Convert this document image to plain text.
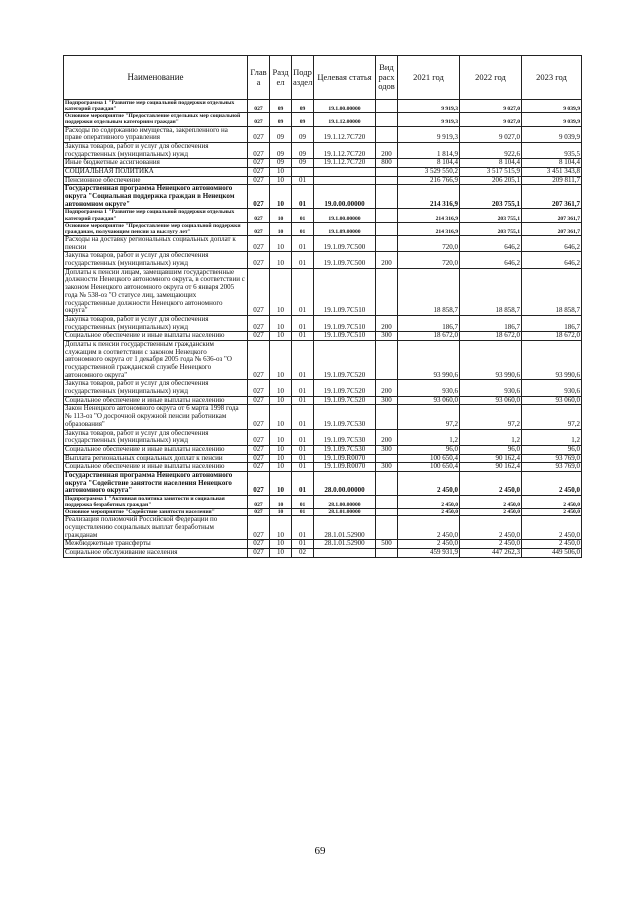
Наименование	Глав а	Разд ел	Подр аздел	Целевая статья	Вид расх одов	2021 год	2022 год	2023 год
Подпрограмма 1 "Развитие мер социальной поддержки отдельных категорий граждан"	027	09	09	19.1.00.00000		9 919,3	9 027,0	9 039,9
Основное мероприятие "Предоставление отдельных мер социальной поддержки отдельным категориям граждан"	027	09	09	19.1.12.00000		9 919,3	9 027,0	9 039,9
Расходы по содержанию имущества, закрепленного на праве оперативного управления	027	09	09	19.1.12.7С720		9 919,3	9 027,0	9 039,9
Закупка товаров, работ и услуг для обеспечения государственных (муниципальных) нужд	027	09	09	19.1.12.7С720	200	1 814,9	922,6	935,5
Иные бюджетные ассигнования	027	09	09	19.1.12.7С720	800	8 104,4	8 104,4	8 104,4
СОЦИАЛЬНАЯ ПОЛИТИКА	027	10				3 529 550,2	3 517 515,9	3 451 343,8
Пенсионное обеспечение	027	10	01			216 766,9	206 205,1	209 811,7
Государственная программа Ненецкого автономного округа "Социальная поддержка граждан в Ненецком автономном округе"	027	10	01	19.0.00.00000		214 316,9	203 755,1	207 361,7
Подпрограмма 1 "Развитие мер социальной поддержки отдельных категорий граждан"	027	10	01	19.1.00.00000		214 316,9	203 755,1	207 361,7
Основное мероприятие "Предоставление мер социальной поддержки гражданам, получающим пенсии за выслугу лет"	027	10	01	19.1.09.00000		214 316,9	203 755,1	207 361,7
Расходы на доставку региональных социальных доплат к пенсии	027	10	01	19.1.09.7С500		720,0	646,2	646,2
Закупка товаров, работ и услуг для обеспечения государственных (муниципальных) нужд	027	10	01	19.1.09.7С500	200	720,0	646,2	646,2
Доплаты к пенсии лицам, замещавшим государственные должности Ненецкого автономного округа, в соответствии с законом Ненецкого автономного округа от 6 января 2005 года № 538-оз "О статусе лиц, замещающих государственные должности Ненецкого автономного округа"	027	10	01	19.1.09.7С510		18 858,7	18 858,7	18 858,7
Закупка товаров, работ и услуг для обеспечения государственных (муниципальных) нужд	027	10	01	19.1.09.7С510	200	186,7	186,7	186,7
Социальное обеспечение и иные выплаты населению	027	10	01	19.1.09.7С510	300	18 672,0	18 672,0	18 672,0
Доплаты к пенсии государственным гражданским служащим в соответствии с законом Ненецкого автономного округа от 1 декабря 2005 года № 636-оз "О государственной гражданской службе Ненецкого автономного округа"	027	10	01	19.1.09.7С520		93 990,6	93 990,6	93 990,6
Закупка товаров, работ и услуг для обеспечения государственных (муниципальных) нужд	027	10	01	19.1.09.7С520	200	930,6	930,6	930,6
Социальное обеспечение и иные выплаты населению	027	10	01	19.1.09.7С520	300	93 060,0	93 060,0	93 060,0
Закон Ненецкого автономного округа от 6 марта 1998 года № 113-оз "О досрочной окружной пенсии работникам образования"	027	10	01	19.1.09.7С530		97,2	97,2	97,2
Закупка товаров, работ и услуг для обеспечения государственных (муниципальных) нужд	027	10	01	19.1.09.7С530	200	1,2	1,2	1,2
Социальное обеспечение и иные выплаты населению	027	10	01	19.1.09.7С530	300	96,0	96,0	96,0
Выплата региональных социальных доплат к пенсии	027	10	01	19.1.09.R0070		100 650,4	90 162,4	93 769,0
Социальное обеспечение и иные выплаты населению	027	10	01	19.1.09.R0070	300	100 650,4	90 162,4	93 769,0
Государственная программа Ненецкого автономного округа "Содействие занятости населения Ненецкого автономного округа"	027	10	01	28.0.00.00000		2 450,0	2 450,0	2 450,0
Подпрограмма 1 "Активная политика занятости и социальная поддержка безработных граждан"	027	10	01	28.1.00.00000		2 450,0	2 450,0	2 450,0
Основное мероприятие "Содействие занятости населения"	027	10	01	28.1.01.00000		2 450,0	2 450,0	2 450,0
Реализация полномочий Российской Федерации по осуществлению социальных выплат безработным гражданам	027	10	01	28.1.01.52900		2 450,0	2 450,0	2 450,0
Межбюджетные трансферты	027	10	01	28.1.01.52900	500	2 450,0	2 450,0	2 450,0
Социальное обслуживание населения	027	10	02			459 931,9	447 262,3	449 506,0
69
